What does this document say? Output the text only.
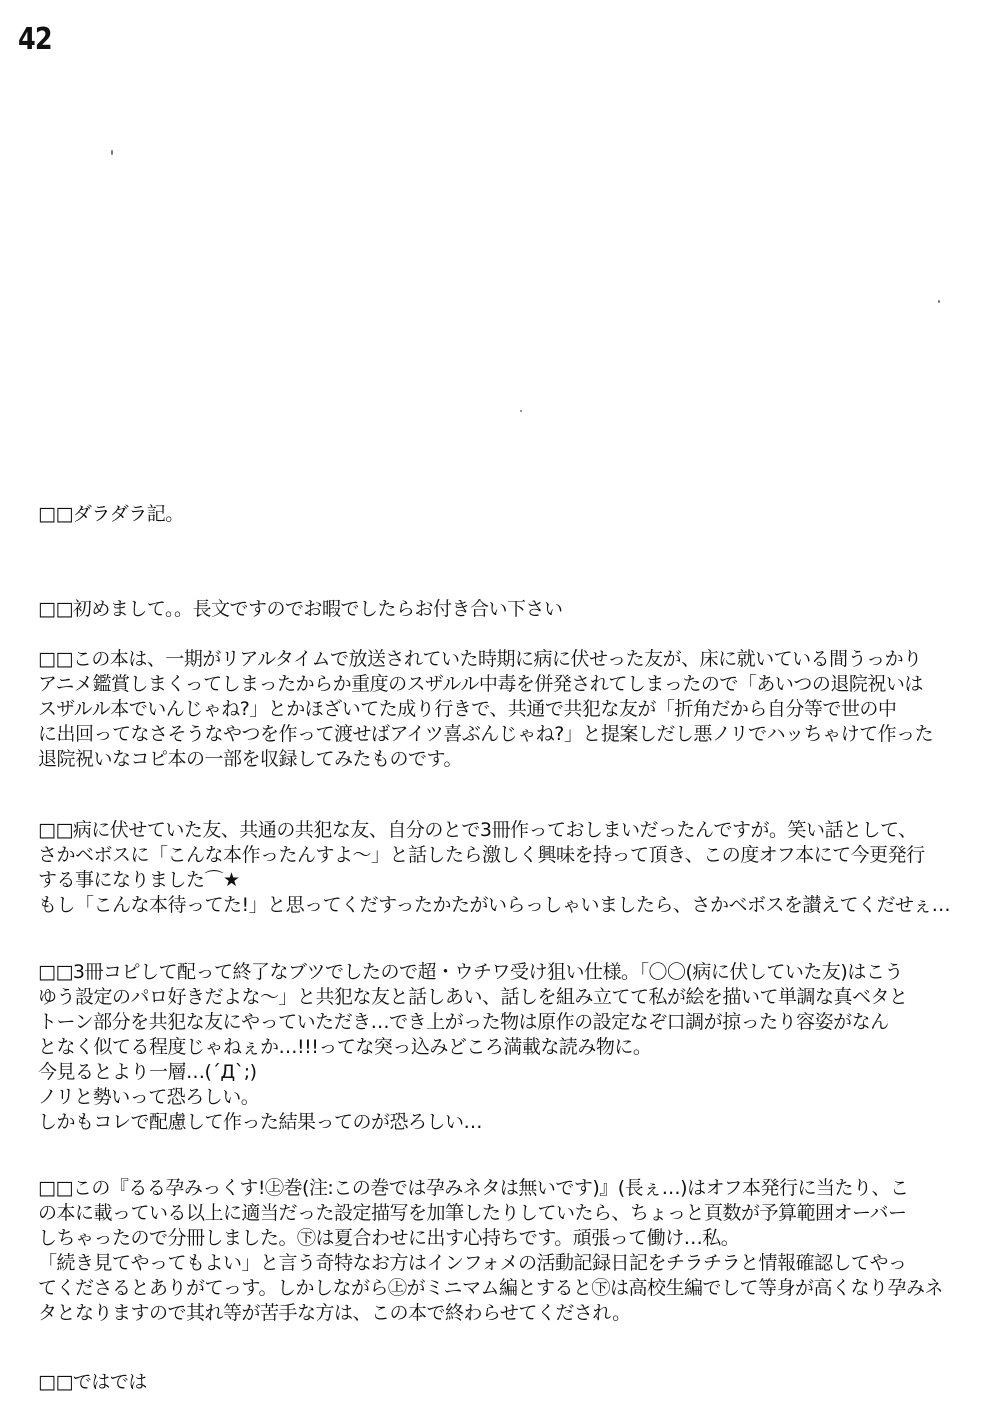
42
□□ダラダラ記。
□□初めまして。。長文ですのでお暇でしたらお付き合い下さい
□□この本は、一期がリアルタイムで放送されていた時期に病に伏せった友が、床に就いている間うっかり
アニメ鑑賞しまくってしまったからか重度のスザルル中毒を併発されてしまったので「あいつの退院祝いは
スザルル本でいんじゃね?」とかほざいてた成り行きで、共通で共犯な友が「折角だから自分等で世の中
に出回ってなさそうなやつを作って渡せばアイツ喜ぶんじゃね?」と提案しだし悪ノリでハッちゃけて作った
退院祝いなコピ本の一部を収録してみたものです。
□□病に伏せていた友、共通の共犯な友、自分のとで3冊作っておしまいだったんですが。笑い話として、
さかベボスに「こんな本作ったんすよ～」と話したら激しく興味を持って頂き、この度オフ本にて今更発行
する事になりました⌒★
もし「こんな本待ってた!」と思ってくだすったかたがいらっしゃいましたら、さかベボスを讃えてくだせぇ…
□□3冊コピして配って終了なブツでしたので超・ウチワ受け狙い仕様。「〇〇(病に伏していた友)はこう
ゆう設定のパロ好きだよな～」と共犯な友と話しあい、話しを組み立てて私が絵を描いて単調な真ベタと
トーン部分を共犯な友にやっていただき…でき上がった物は原作の設定なぞ口調が掠ったり容姿がなん
となく似てる程度じゃねぇか…!!!ってな突っ込みどころ満載な読み物に。
今見るとより一層…(´Д`;)
ノリと勢いって恐ろしい。
しかもコレで配慮して作った結果ってのが恐ろしい…
□□この『るる孕みっくす!㊤巻(注:この巻では孕みネタは無いです)』(長ぇ…)はオフ本発行に当たり、こ
の本に載っている以上に適当だった設定描写を加筆したりしていたら、ちょっと頁数が予算範囲オーバー
しちゃったので分冊しました。㊦は夏合わせに出す心持ちです。頑張って働け…私。
「続き見てやってもよい」と言う奇特なお方はインフォメの活動記録日記をチラチラと情報確認してやっ
てくださるとありがてっす。しかしながら㊤がミニマム編とすると㊦は高校生編でして等身が高くなり孕みネ
タとなりますので其れ等が苦手な方は、この本で終わらせてくだされ。
□□ではでは
